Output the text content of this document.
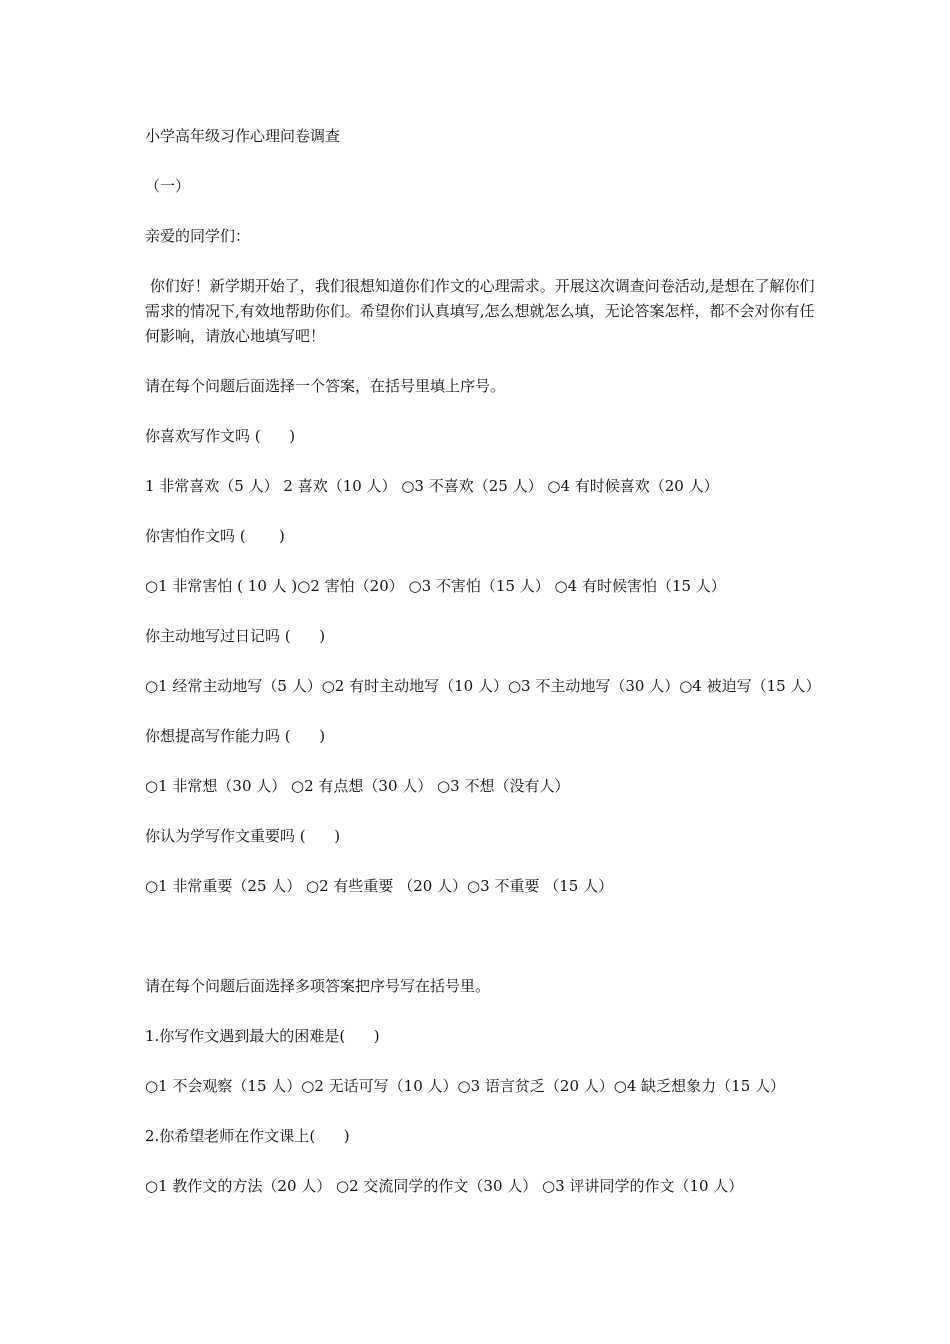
小学高年级习作心理问卷调查

（一）

亲爱的同学们：

你们好！新学期开始了，我们很想知道你们作文的心理需求。开展这次调查问卷活动,是想在了解你们需求的情况下,有效地帮助你们。希望你们认真填写,怎么想就怎么填，无论答案怎样，都不会对你有任何影响，请放心地填写吧！

请在每个问题后面选择一个答案，在括号里填上序号。

你喜欢写作文吗 (      )

1 非常喜欢（5 人） 2 喜欢（10 人） ○3 不喜欢（25 人） ○4 有时候喜欢（20 人）

你害怕作文吗 (       )

○1 非常害怕 ( 10 人 )○2 害怕（20） ○3 不害怕（15 人） ○4 有时候害怕（15 人）

你主动地写过日记吗 (      )

○1 经常主动地写（5 人）○2 有时主动地写（10 人）○3 不主动地写（30 人）○4 被迫写（15 人）

你想提高写作能力吗 (      )

○1 非常想（30 人） ○2 有点想（30 人） ○3 不想（没有人）

你认为学写作文重要吗 (      )

○1 非常重要（25 人） ○2 有些重要 （20 人）○3 不重要 （15 人）

请在每个问题后面选择多项答案把序号写在括号里。

1.你写作文遇到最大的困难是(      )

○1 不会观察（15 人）○2 无话可写（10 人）○3 语言贫乏（20 人）○4 缺乏想象力（15 人）

2.你希望老师在作文课上(      )

○1 教作文的方法（20 人） ○2 交流同学的作文（30 人） ○3 评讲同学的作文（10 人）
